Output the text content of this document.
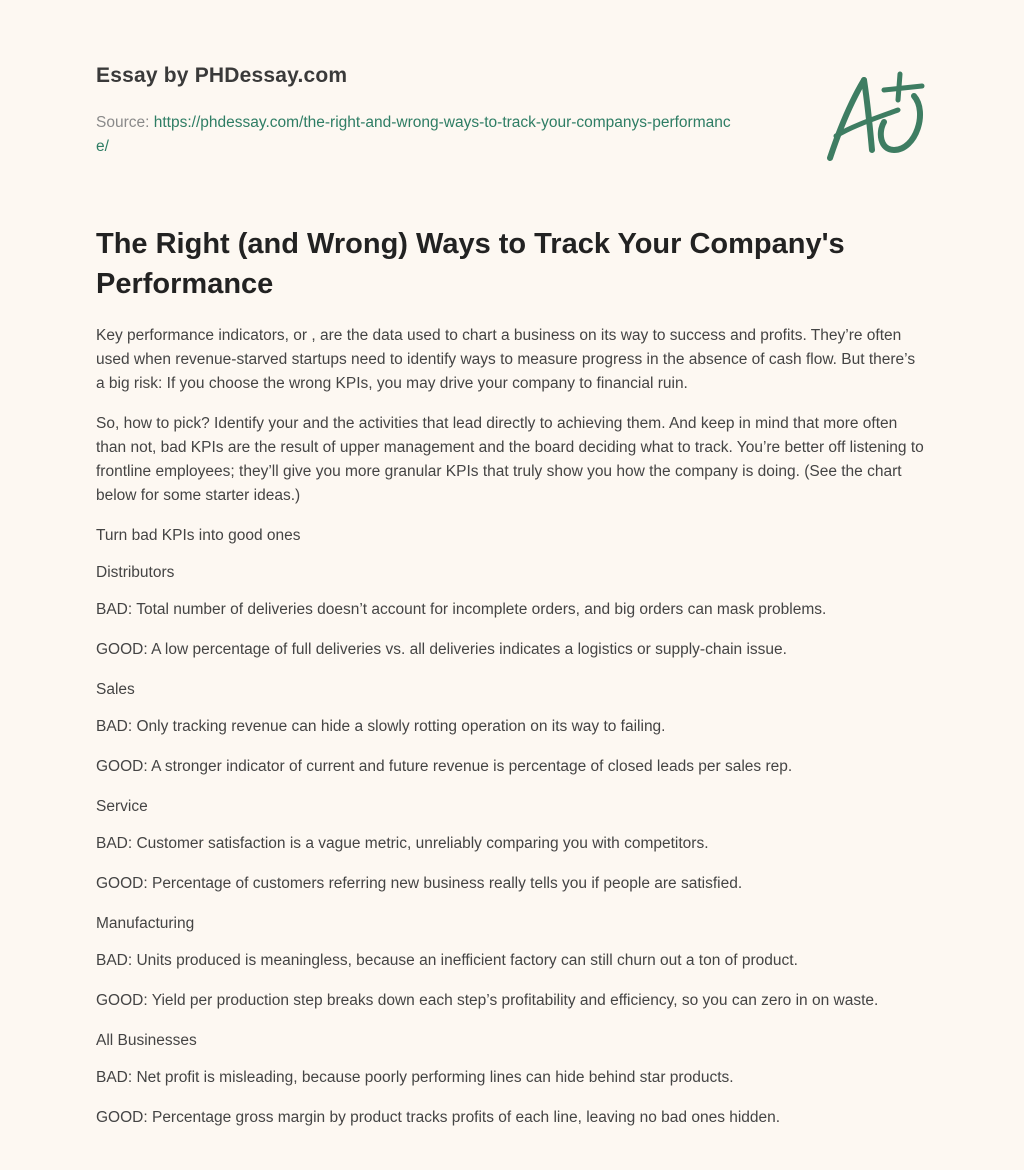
Essay by PHDessay.com
Source: https://phdessay.com/the-right-and-wrong-ways-to-track-your-companys-performance/
The Right (and Wrong) Ways to Track Your Company's Performance

Key performance indicators, or , are the data used to chart a business on its way to success and profits. They’re often used when revenue-starved startups need to identify ways to measure progress in the absence of cash flow. But there’s a big risk: If you choose the wrong KPIs, you may drive your company to financial ruin.

So, how to pick? Identify your and the activities that lead directly to achieving them. And keep in mind that more often than not, bad KPIs are the result of upper management and the board deciding what to track. You’re better off listening to frontline employees; they’ll give you more granular KPIs that truly show you how the company is doing. (See the chart below for some starter ideas.)

Turn bad KPIs into good ones

Distributors

BAD: Total number of deliveries doesn’t account for incomplete orders, and big orders can mask problems.

GOOD: A low percentage of full deliveries vs. all deliveries indicates a logistics or supply-chain issue.

Sales

BAD: Only tracking revenue can hide a slowly rotting operation on its way to failing.

GOOD: A stronger indicator of current and future revenue is percentage of closed leads per sales rep.

Service

BAD: Customer satisfaction is a vague metric, unreliably comparing you with competitors.

GOOD: Percentage of customers referring new business really tells you if people are satisfied.

Manufacturing

BAD: Units produced is meaningless, because an inefficient factory can still churn out a ton of product.

GOOD: Yield per production step breaks down each step’s profitability and efficiency, so you can zero in on waste.

All Businesses

BAD: Net profit is misleading, because poorly performing lines can hide behind star products.

GOOD: Percentage gross margin by product tracks profits of each line, leaving no bad ones hidden.
